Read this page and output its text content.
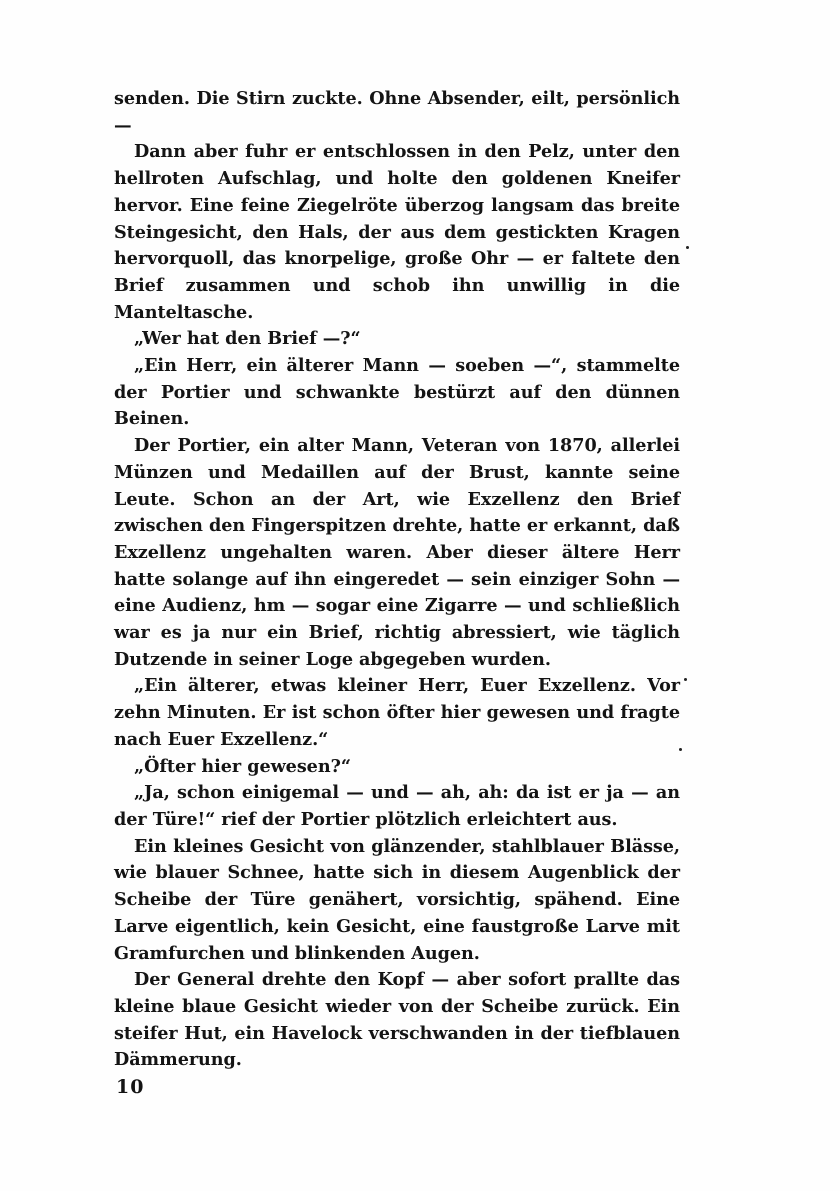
senden. Die Stirn zuckte. Ohne Absender, eilt, persönlich —

Dann aber fuhr er entschlossen in den Pelz, unter den hellroten Aufschlag, und holte den goldenen Kneifer hervor. Eine feine Ziegelröte überzog langsam das breite Steingesicht, den Hals, der aus dem gestickten Kragen hervorquoll, das knorpelige, große Ohr — er faltete den Brief zusammen und schob ihn unwillig in die Manteltasche.

„Wer hat den Brief —?“

„Ein Herr, ein älterer Mann — soeben —“, stammelte der Portier und schwankte bestürzt auf den dünnen Beinen.

Der Portier, ein alter Mann, Veteran von 1870, allerlei Münzen und Medaillen auf der Brust, kannte seine Leute. Schon an der Art, wie Exzellenz den Brief zwischen den Fingerspitzen drehte, hatte er erkannt, daß Exzellenz ungehalten waren. Aber dieser ältere Herr hatte solange auf ihn eingeredet — sein einziger Sohn — eine Audienz, hm — sogar eine Zigarre — und schließlich war es ja nur ein Brief, richtig abressiert, wie täglich Dutzende in seiner Loge abgegeben wurden.

„Ein älterer, etwas kleiner Herr, Euer Exzellenz. Vor zehn Minuten. Er ist schon öfter hier gewesen und fragte nach Euer Exzellenz.“

„Öfter hier gewesen?“

„Ja, schon einigemal — und — ah, ah: da ist er ja — an der Türe!“ rief der Portier plötzlich erleichtert aus.

Ein kleines Gesicht von glänzender, stahlblauer Blässe, wie blauer Schnee, hatte sich in diesem Augenblick der Scheibe der Türe genähert, vorsichtig, spähend. Eine Larve eigentlich, kein Gesicht, eine faustgroße Larve mit Gramfurchen und blinkenden Augen.

Der General drehte den Kopf — aber sofort prallte das kleine blaue Gesicht wieder von der Scheibe zurück. Ein steifer Hut, ein Havelock verschwanden in der tiefblauen Dämmerung.

10
